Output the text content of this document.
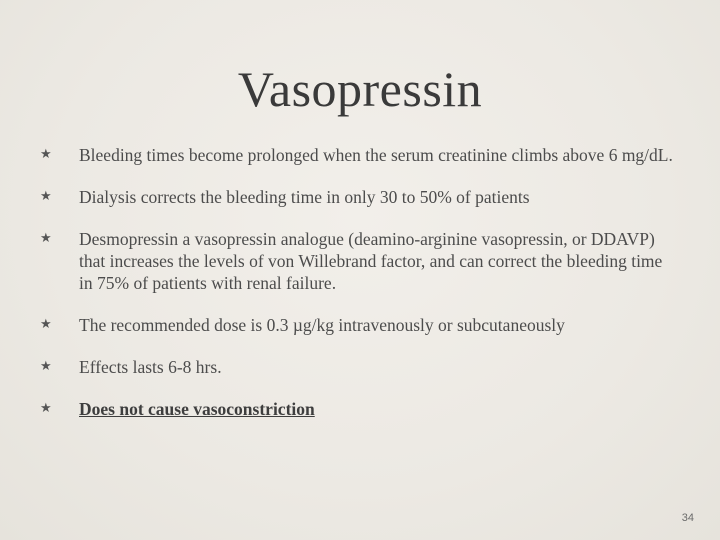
Vasopressin
★ Bleeding times become prolonged when the serum creatinine climbs above 6 mg/dL.
★ Dialysis corrects the bleeding time in only 30 to 50% of patients
★ Desmopressin a vasopressin analogue (deamino-arginine vasopressin, or DDAVP) that increases the levels of von Willebrand factor, and can correct the bleeding time in 75% of patients with renal failure.
★ The recommended dose is 0.3 µg/kg intravenously or subcutaneously
★ Effects lasts 6-8 hrs.
★ Does not cause vasoconstriction
34
